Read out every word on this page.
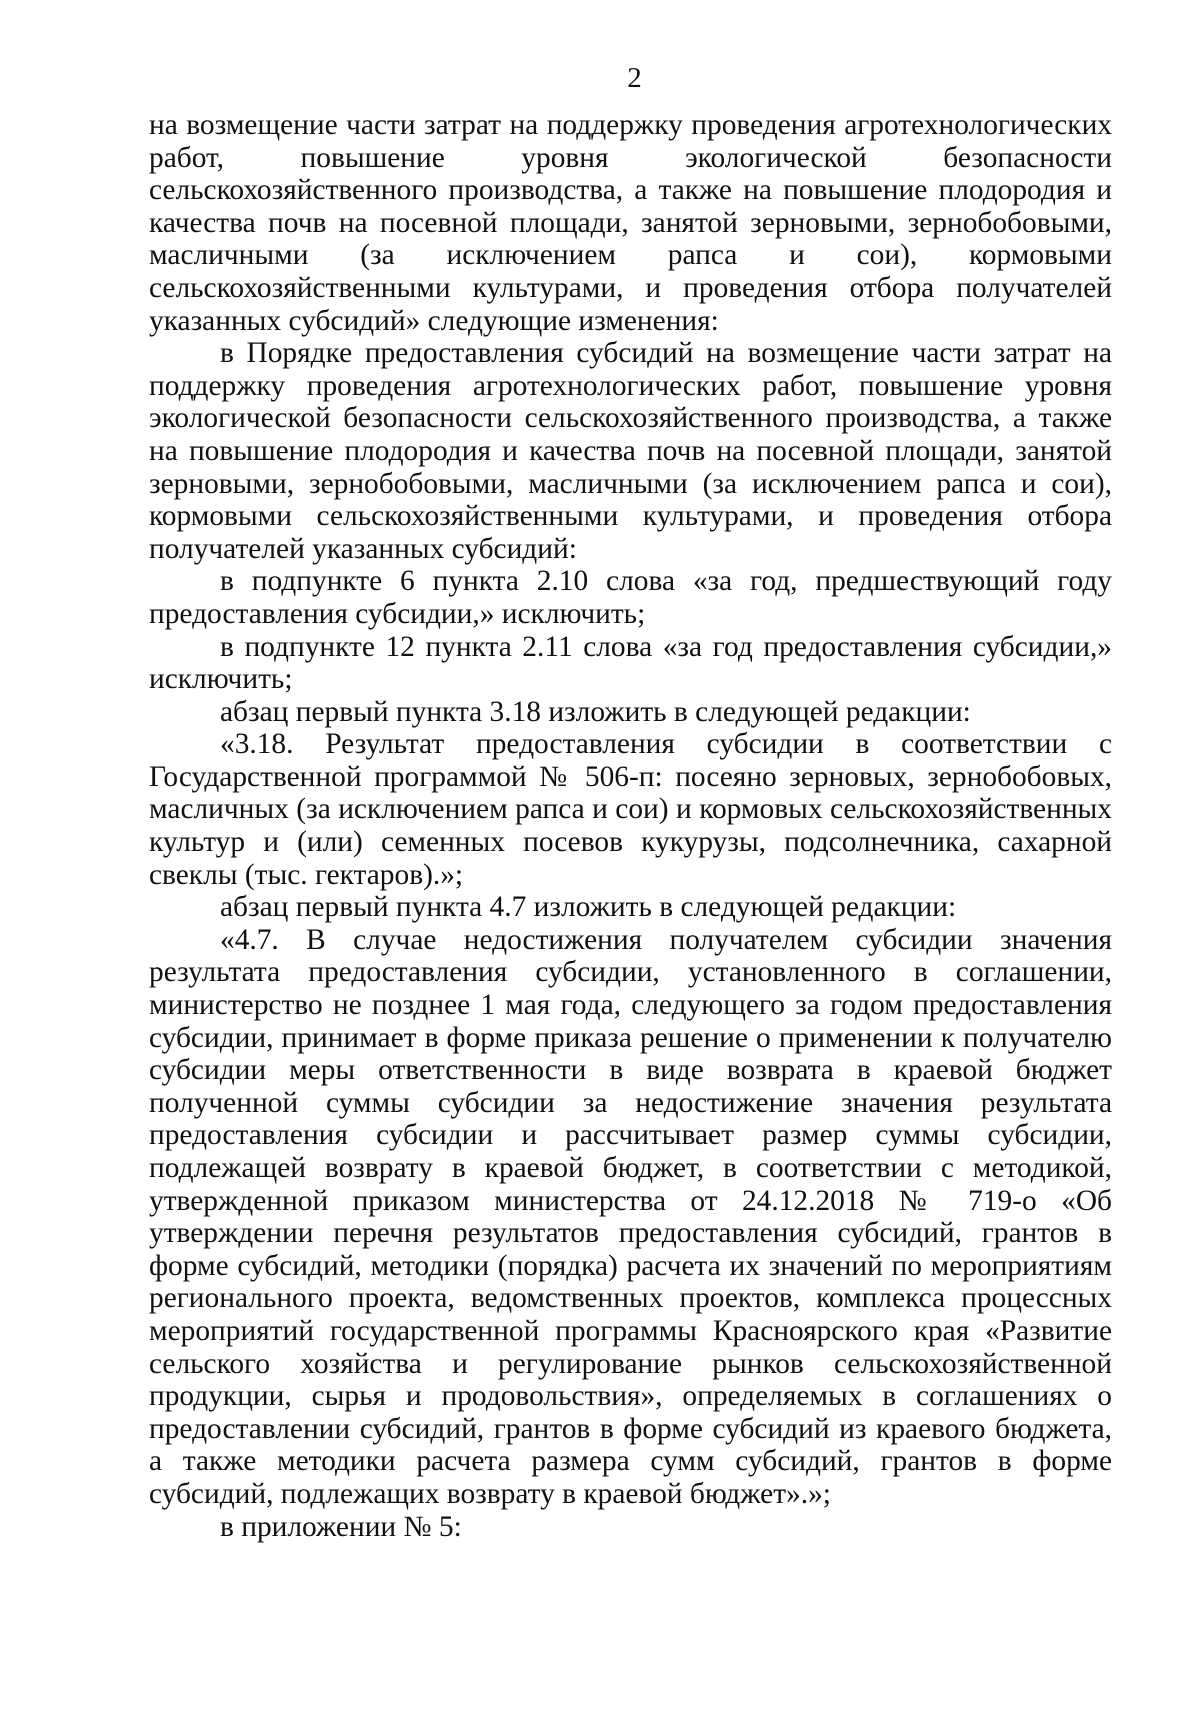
2

на возмещение части затрат на поддержку проведения агротехнологических работ, повышение уровня экологической безопасности сельскохозяйственного производства, а также на повышение плодородия и качества почв на посевной площади, занятой зерновыми, зернобобовыми, масличными (за исключением рапса и сои), кормовыми сельскохозяйственными культурами, и проведения отбора получателей указанных субсидий» следующие изменения:

в Порядке предоставления субсидий на возмещение части затрат на поддержку проведения агротехнологических работ, повышение уровня экологической безопасности сельскохозяйственного производства, а также на повышение плодородия и качества почв на посевной площади, занятой зерновыми, зернобобовыми, масличными (за исключением рапса и сои), кормовыми сельскохозяйственными культурами, и проведения отбора получателей указанных субсидий:

в подпункте 6 пункта 2.10 слова «за год, предшествующий году предоставления субсидии,» исключить;

в подпункте 12 пункта 2.11 слова «за год предоставления субсидии,» исключить;

абзац первый пункта 3.18 изложить в следующей редакции:

«3.18. Результат предоставления субсидии в соответствии с Государственной программой № 506-п: посеяно зерновых, зернобобовых, масличных (за исключением рапса и сои) и кормовых сельскохозяйственных культур и (или) семенных посевов кукурузы, подсолнечника, сахарной свеклы (тыс. гектаров).»;

абзац первый пункта 4.7 изложить в следующей редакции:

«4.7. В случае недостижения получателем субсидии значения результата предоставления субсидии, установленного в соглашении, министерство не позднее 1 мая года, следующего за годом предоставления субсидии, принимает в форме приказа решение о применении к получателю субсидии меры ответственности в виде возврата в краевой бюджет полученной суммы субсидии за недостижение значения результата предоставления субсидии и рассчитывает размер суммы субсидии, подлежащей возврату в краевой бюджет, в соответствии с методикой, утвержденной приказом министерства от 24.12.2018 № 719-о «Об утверждении перечня результатов предоставления субсидий, грантов в форме субсидий, методики (порядка) расчета их значений по мероприятиям регионального проекта, ведомственных проектов, комплекса процессных мероприятий государственной программы Красноярского края «Развитие сельского хозяйства и регулирование рынков сельскохозяйственной продукции, сырья и продовольствия», определяемых в соглашениях о предоставлении субсидий, грантов в форме субсидий из краевого бюджета, а также методики расчета размера сумм субсидий, грантов в форме субсидий, подлежащих возврату в краевой бюджет».»;

в приложении № 5:
